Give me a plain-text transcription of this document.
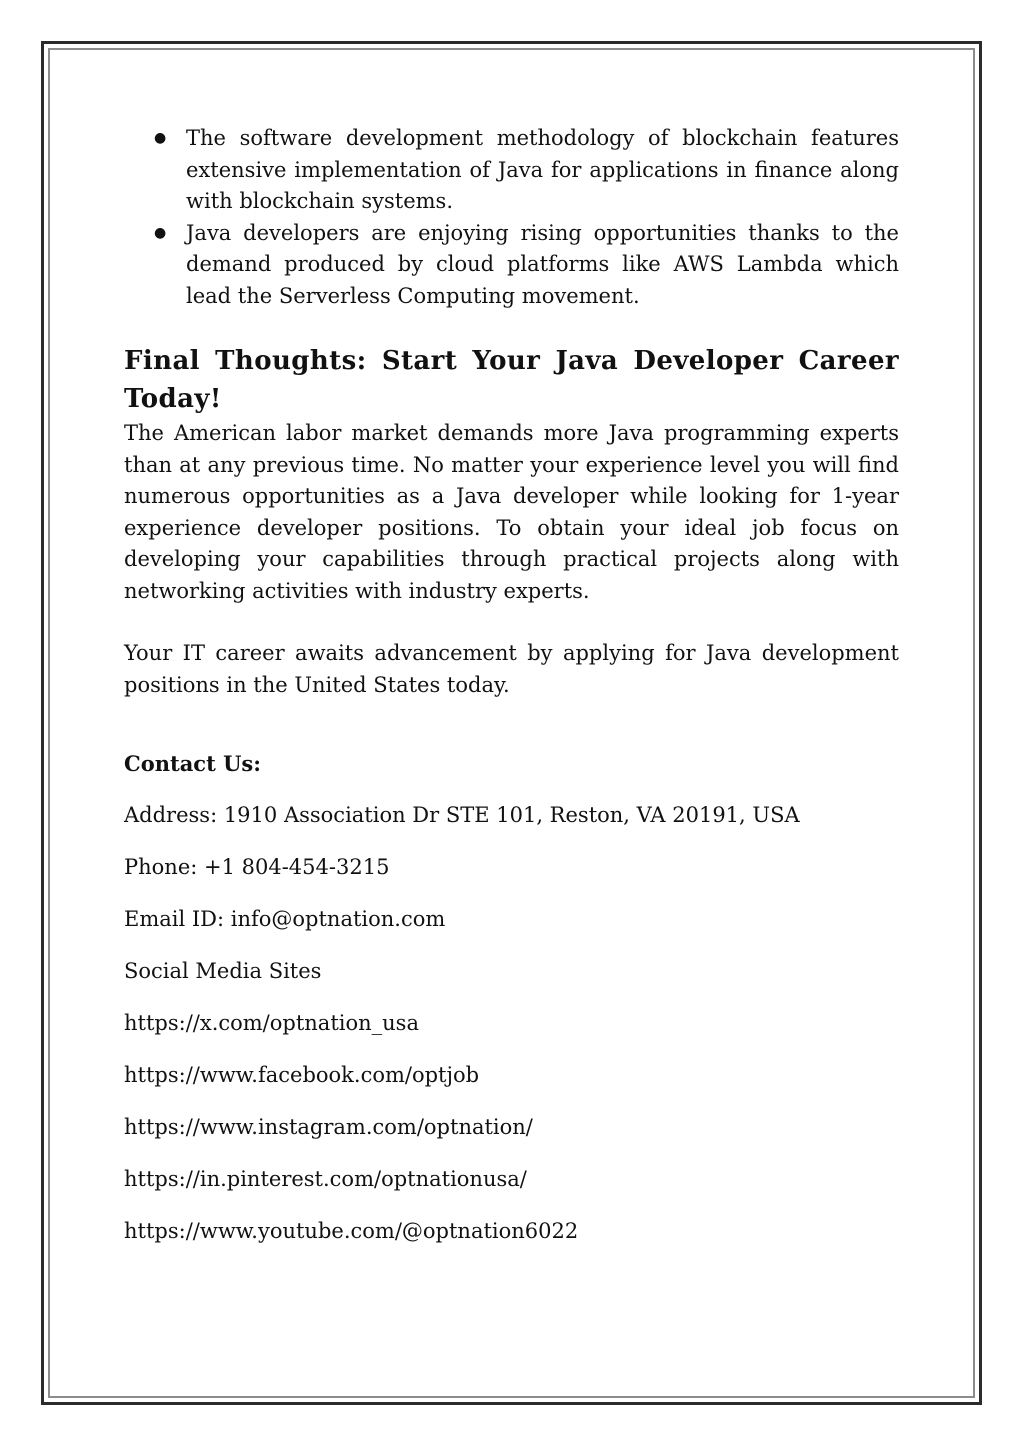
● The software development methodology of blockchain features extensive implementation of Java for applications in finance along with blockchain systems.
● Java developers are enjoying rising opportunities thanks to the demand produced by cloud platforms like AWS Lambda which lead the Serverless Computing movement.
Final Thoughts: Start Your Java Developer Career Today!

The American labor market demands more Java programming experts than at any previous time. No matter your experience level you will find numerous opportunities as a Java developer while looking for 1-year experience developer positions. To obtain your ideal job focus on developing your capabilities through practical projects along with networking activities with industry experts.

Your IT career awaits advancement by applying for Java development positions in the United States today.

Contact Us:
Address: 1910 Association Dr STE 101, Reston, VA 20191, USA
Phone: +1 804-454-3215
Email ID: info@optnation.com
Social Media Sites
https://x.com/optnation_usa
https://www.facebook.com/optjob
https://www.instagram.com/optnation/
https://in.pinterest.com/optnationusa/
https://www.youtube.com/@optnation6022
